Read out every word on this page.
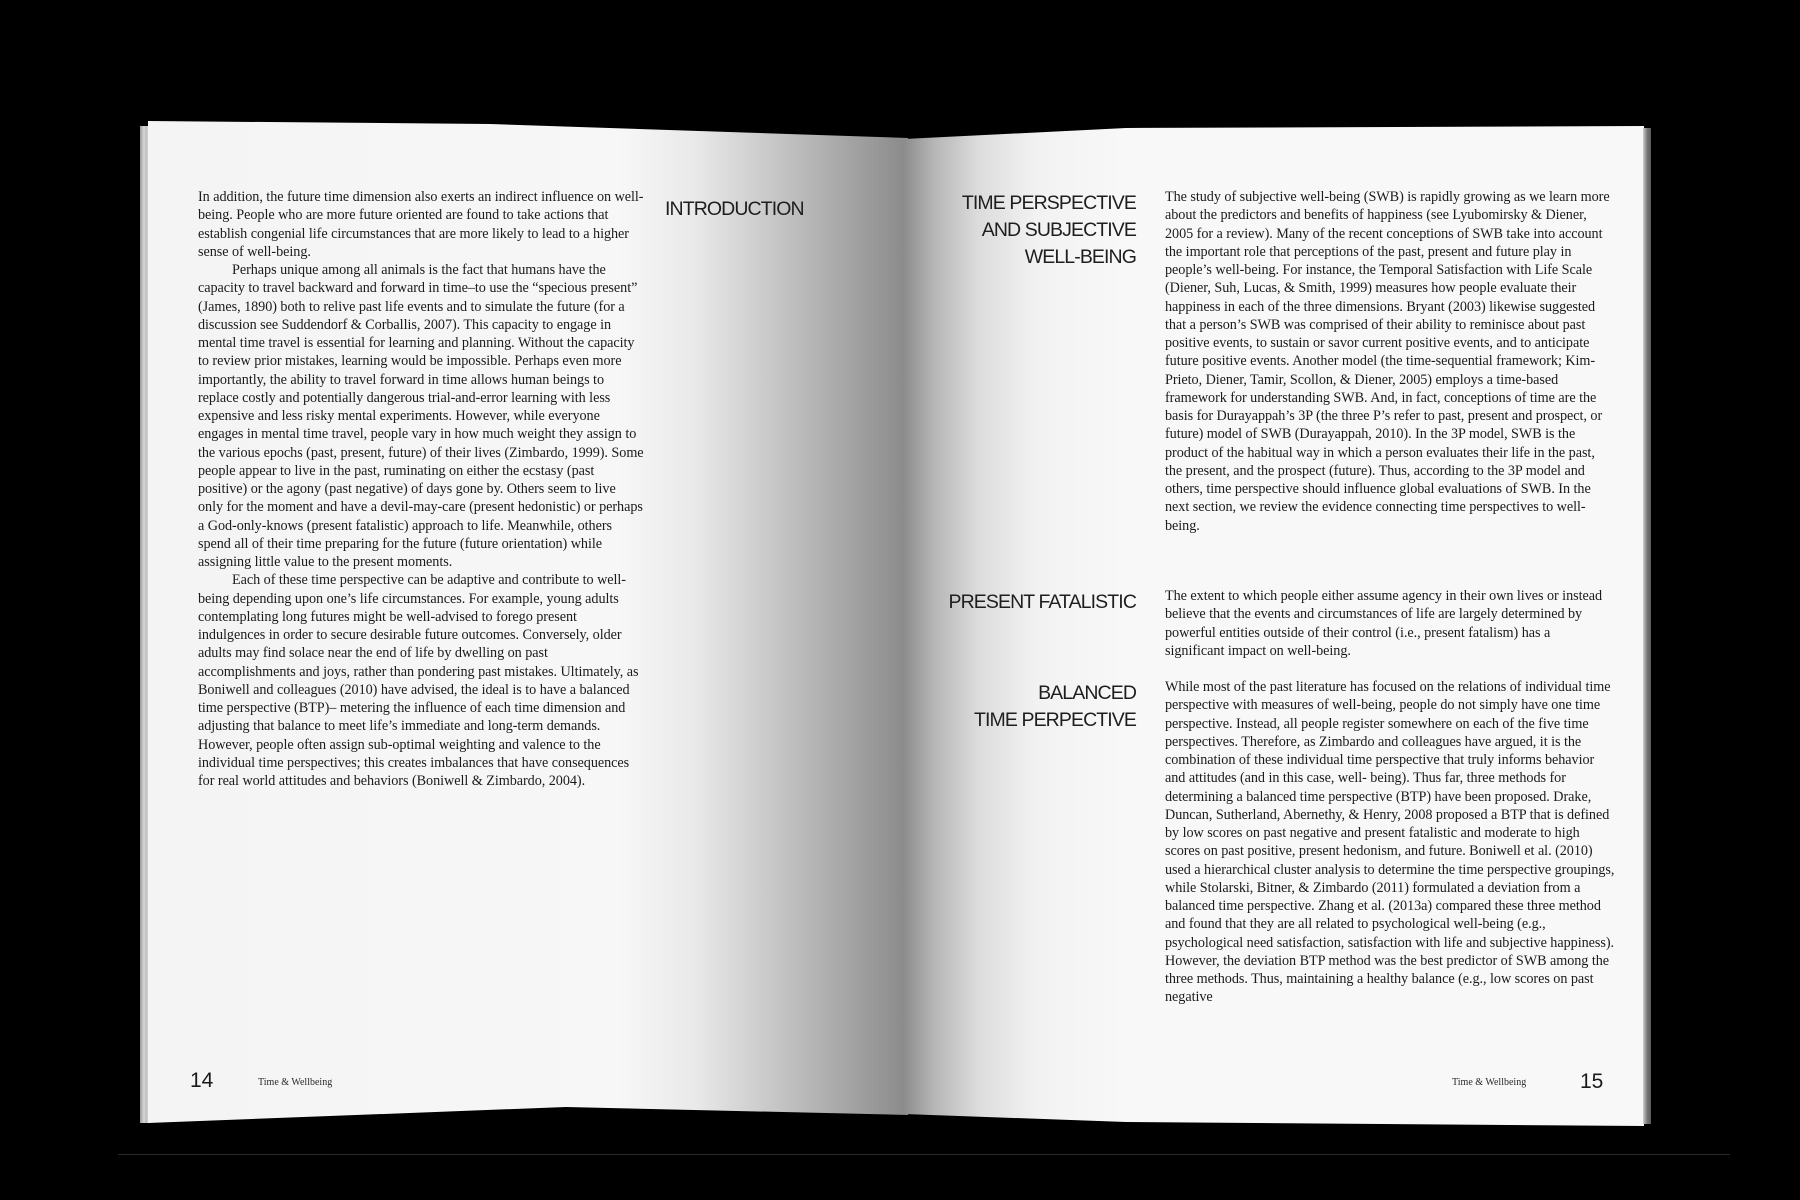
In addition, the future time dimension also exerts an indirect influence on well-being. People who are more future oriented are found to take actions that establish congenial life circumstances that are more likely to lead to a higher sense of well-being.

Perhaps unique among all animals is the fact that humans have the capacity to travel backward and forward in time–to use the “specious present” (James, 1890) both to relive past life events and to simulate the future (for a discussion see Suddendorf & Corballis, 2007). This capacity to engage in mental time travel is essential for learning and planning. Without the capacity to review prior mistakes, learning would be impossible. Perhaps even more importantly, the ability to travel forward in time allows human beings to replace costly and potentially dangerous trial-and-error learning with less expensive and less risky mental experiments. However, while everyone engages in mental time travel, people vary in how much weight they assign to the various epochs (past, present, future) of their lives (Zimbardo, 1999). Some people appear to live in the past, ruminating on either the ecstasy (past positive) or the agony (past negative) of days gone by. Others seem to live only for the moment and have a devil-may-care (present hedonistic) or perhaps a God-only-knows (present fatalistic) approach to life. Meanwhile, others spend all of their time preparing for the future (future orientation) while assigning little value to the present moments.

Each of these time perspective can be adaptive and contribute to well-being depending upon one’s life circumstances. For example, young adults contemplating long futures might be well-advised to forego present indulgences in order to secure desirable future outcomes. Conversely, older adults may find solace near the end of life by dwelling on past accomplishments and joys, rather than pondering past mistakes. Ultimately, as Boniwell and colleagues (2010) have advised, the ideal is to have a balanced time perspective (BTP)– metering the influence of each time dimension and adjusting that balance to meet life’s immediate and long-term demands. However, people often assign sub-optimal weighting and valence to the individual time perspectives; this creates imbalances that have consequences for real world attitudes and behaviors (Boniwell & Zimbardo, 2004).

INTRODUCTION
14	Time & Wellbeing
TIME PERSPECTIVE
AND SUBJECTIVE
WELL-BEING

The study of subjective well-being (SWB) is rapidly growing as we learn more about the predictors and benefits of happiness (see Lyubomirsky & Diener, 2005 for a review). Many of the recent conceptions of SWB take into account the important role that perceptions of the past, present and future play in people’s well-being. For instance, the Temporal Satisfaction with Life Scale (Diener, Suh, Lucas, & Smith, 1999) measures how people evaluate their happiness in each of the three dimensions. Bryant (2003) likewise suggested that a person’s SWB was comprised of their ability to reminisce about past positive events, to sustain or savor current positive events, and to anticipate future positive events. Another model (the time-sequential framework; Kim- Prieto, Diener, Tamir, Scollon, & Diener, 2005) employs a time-based framework for understanding SWB. And, in fact, conceptions of time are the basis for Durayappah’s 3P (the three P’s refer to past, present and prospect, or future) model of SWB (Durayappah, 2010). In the 3P model, SWB is the product of the habitual way in which a person evaluates their life in the past, the present, and the prospect (future). Thus, according to the 3P model and others, time perspective should influence global evaluations of SWB. In the next section, we review the evidence connecting time perspectives to well-being.

PRESENT FATALISTIC The extent to which people either assume agency in their own lives or instead believe that the events and circumstances of life are largely determined by powerful entities outside of their control (i.e., present fatalism) has a significant impact on well-being.

BALANCED
TIME PERPECTIVE

While most of the past literature has focused on the relations of individual time perspective with measures of well-being, people do not simply have one time perspective. Instead, all people register somewhere on each of the five time perspectives. Therefore, as Zimbardo and colleagues have argued, it is the combination of these individual time perspective that truly informs behavior and attitudes (and in this case, well- being). Thus far, three methods for determining a balanced time perspective (BTP) have been proposed. Drake, Duncan, Sutherland, Abernethy, & Henry, 2008 proposed a BTP that is defined by low scores on past negative and present fatalistic and moderate to high scores on past positive, present hedonism, and future. Boniwell et al. (2010) used a hierarchical cluster analysis to determine the time perspective groupings, while Stolarski, Bitner, & Zimbardo (2011) formulated a deviation from a balanced time perspective. Zhang et al. (2013a) compared these three method and found that they are all related to psychological well-being (e.g., psychological need satisfaction, satisfaction with life and subjective happiness). However, the deviation BTP method was the best predictor of SWB among the three methods. Thus, maintaining a healthy balance (e.g., low scores on past negative

Time & Wellbeing	15
